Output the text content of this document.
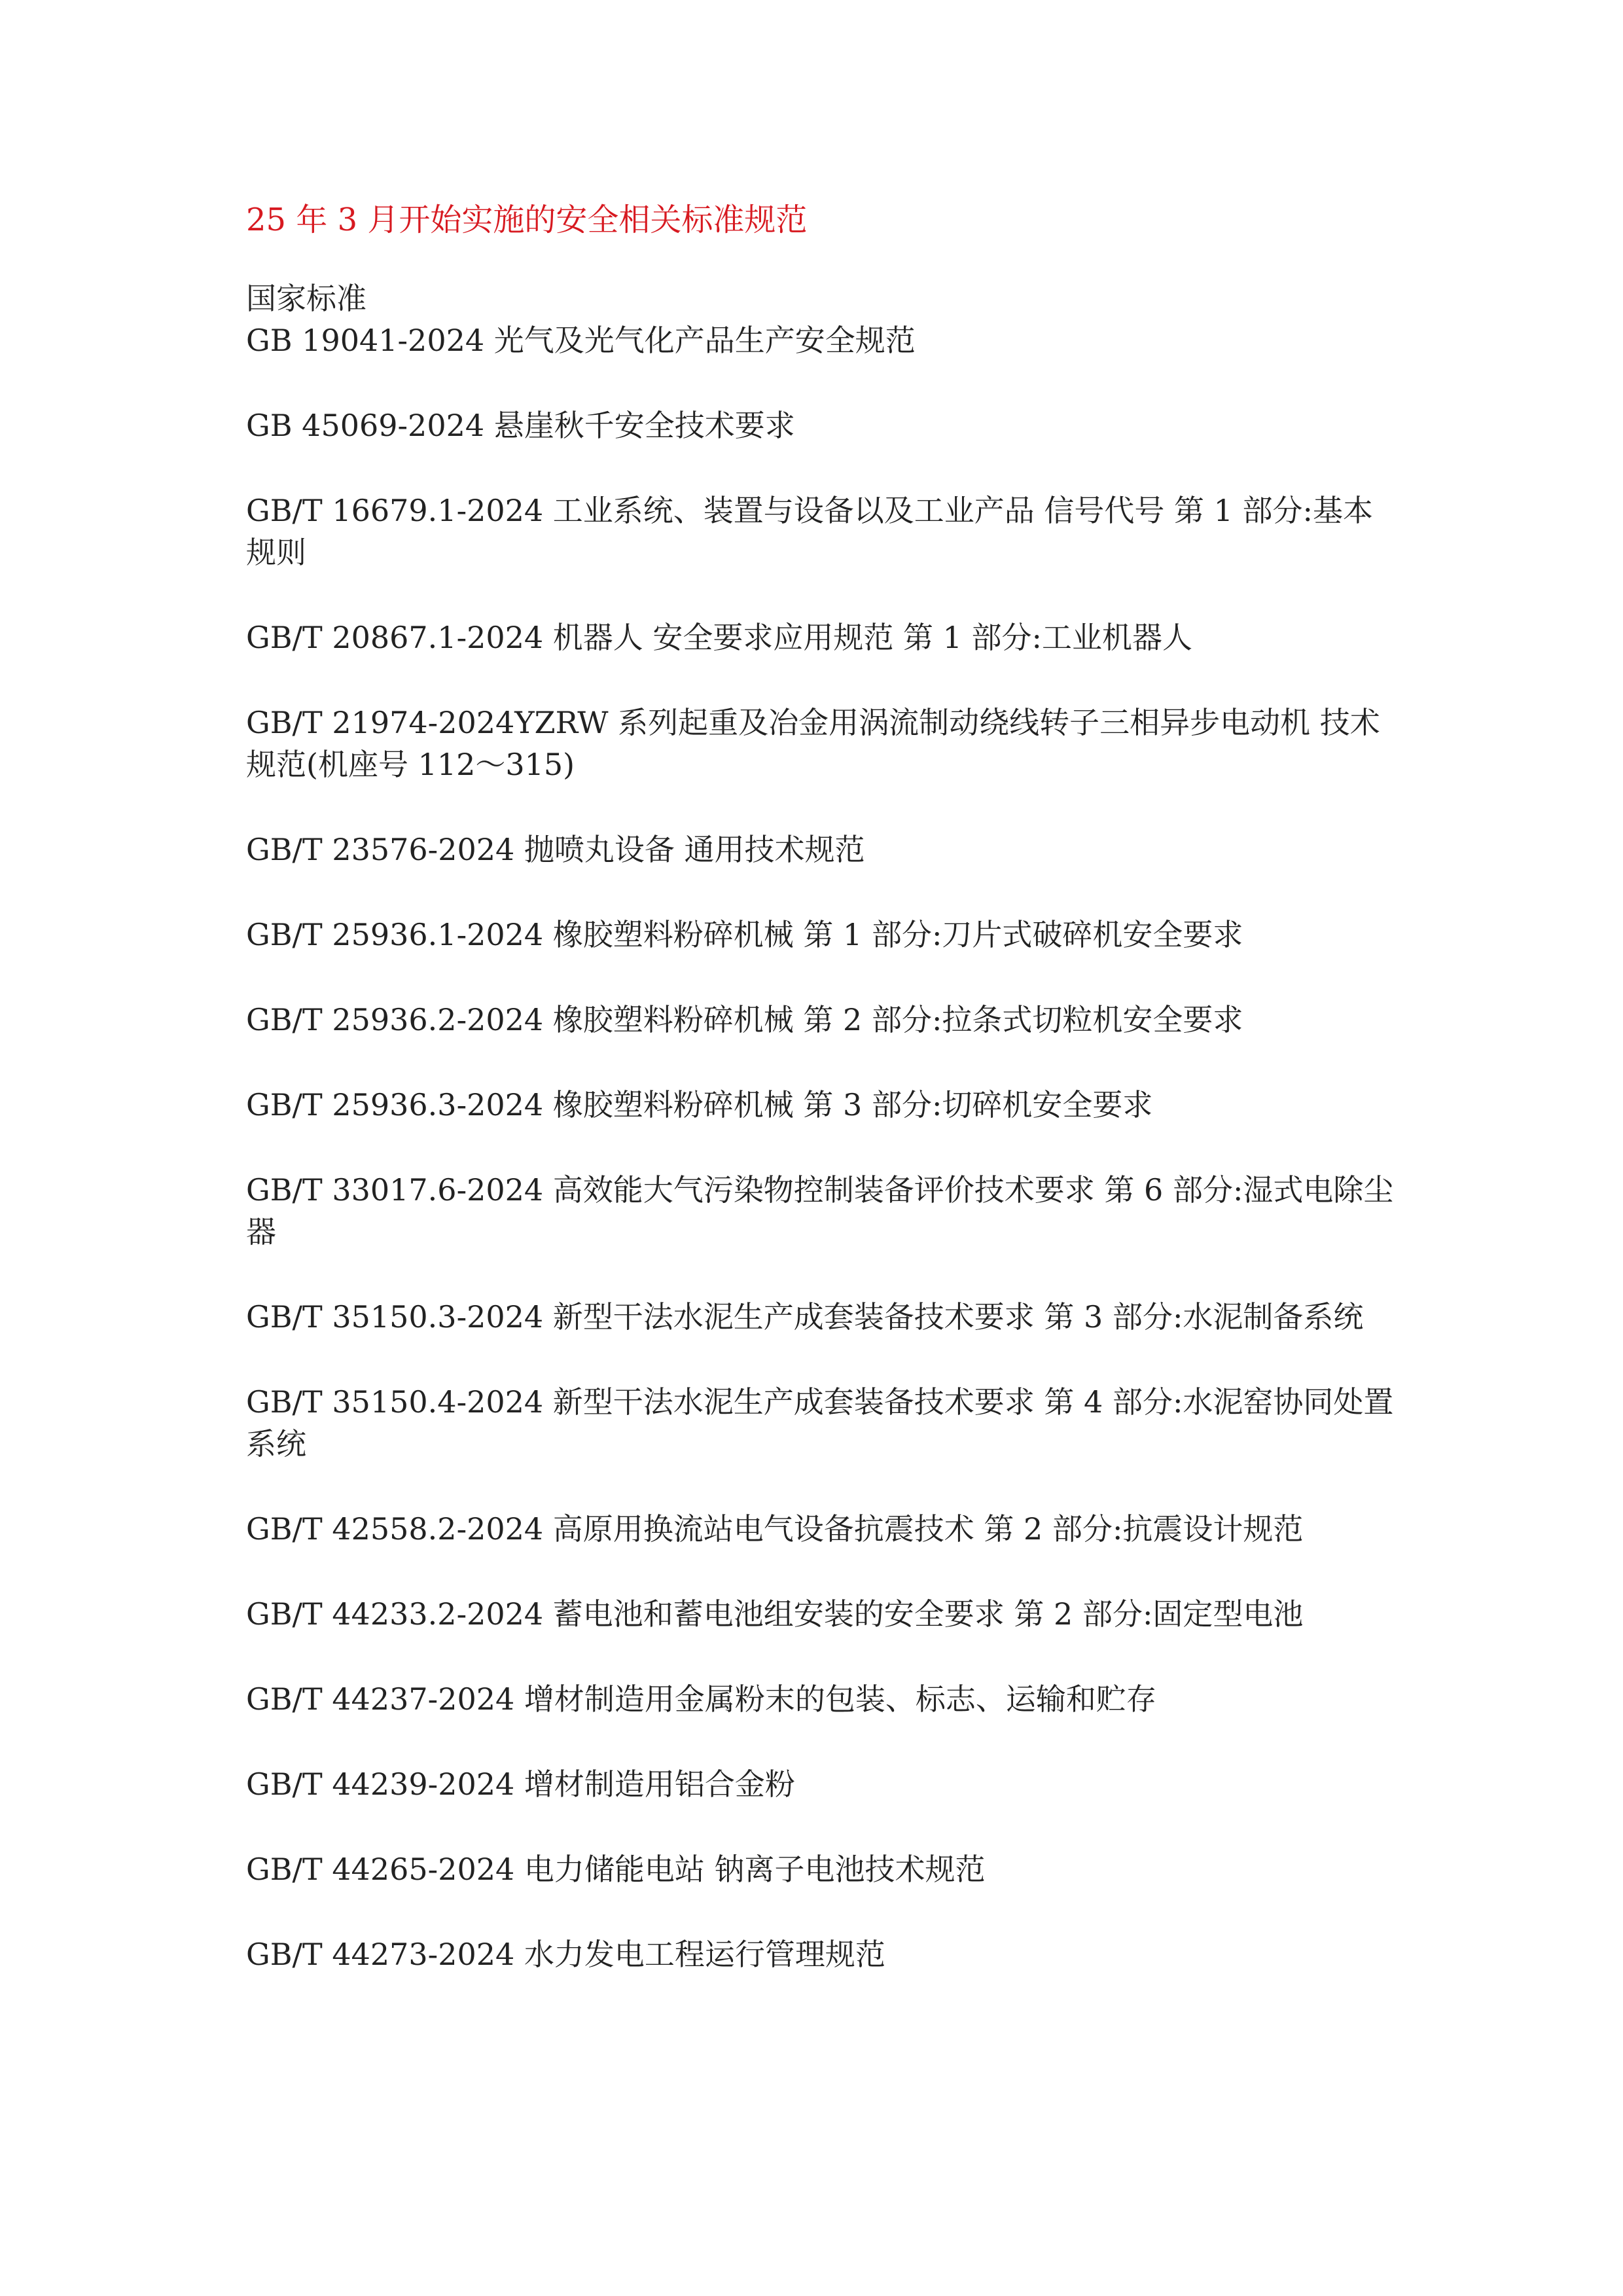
25 年 3 月开始实施的安全相关标准规范
国家标准
GB 19041-2024 光气及光气化产品生产安全规范
GB 45069-2024 悬崖秋千安全技术要求
GB/T 16679.1-2024 工业系统、装置与设备以及工业产品 信号代号 第 1 部分:基本规则
GB/T 20867.1-2024 机器人 安全要求应用规范 第 1 部分:工业机器人
GB/T 21974-2024YZRW 系列起重及冶金用涡流制动绕线转子三相异步电动机 技术规范(机座号 112～315)
GB/T 23576-2024 抛喷丸设备 通用技术规范
GB/T 25936.1-2024 橡胶塑料粉碎机械 第 1 部分:刀片式破碎机安全要求
GB/T 25936.2-2024 橡胶塑料粉碎机械 第 2 部分:拉条式切粒机安全要求
GB/T 25936.3-2024 橡胶塑料粉碎机械 第 3 部分:切碎机安全要求
GB/T 33017.6-2024 高效能大气污染物控制装备评价技术要求 第 6 部分:湿式电除尘器
GB/T 35150.3-2024 新型干法水泥生产成套装备技术要求 第 3 部分:水泥制备系统
GB/T 35150.4-2024 新型干法水泥生产成套装备技术要求 第 4 部分:水泥窑协同处置系统
GB/T 42558.2-2024 高原用换流站电气设备抗震技术 第 2 部分:抗震设计规范
GB/T 44233.2-2024 蓄电池和蓄电池组安装的安全要求 第 2 部分:固定型电池
GB/T 44237-2024 增材制造用金属粉末的包装、标志、运输和贮存
GB/T 44239-2024 增材制造用铝合金粉
GB/T 44265-2024 电力储能电站 钠离子电池技术规范
GB/T 44273-2024 水力发电工程运行管理规范
